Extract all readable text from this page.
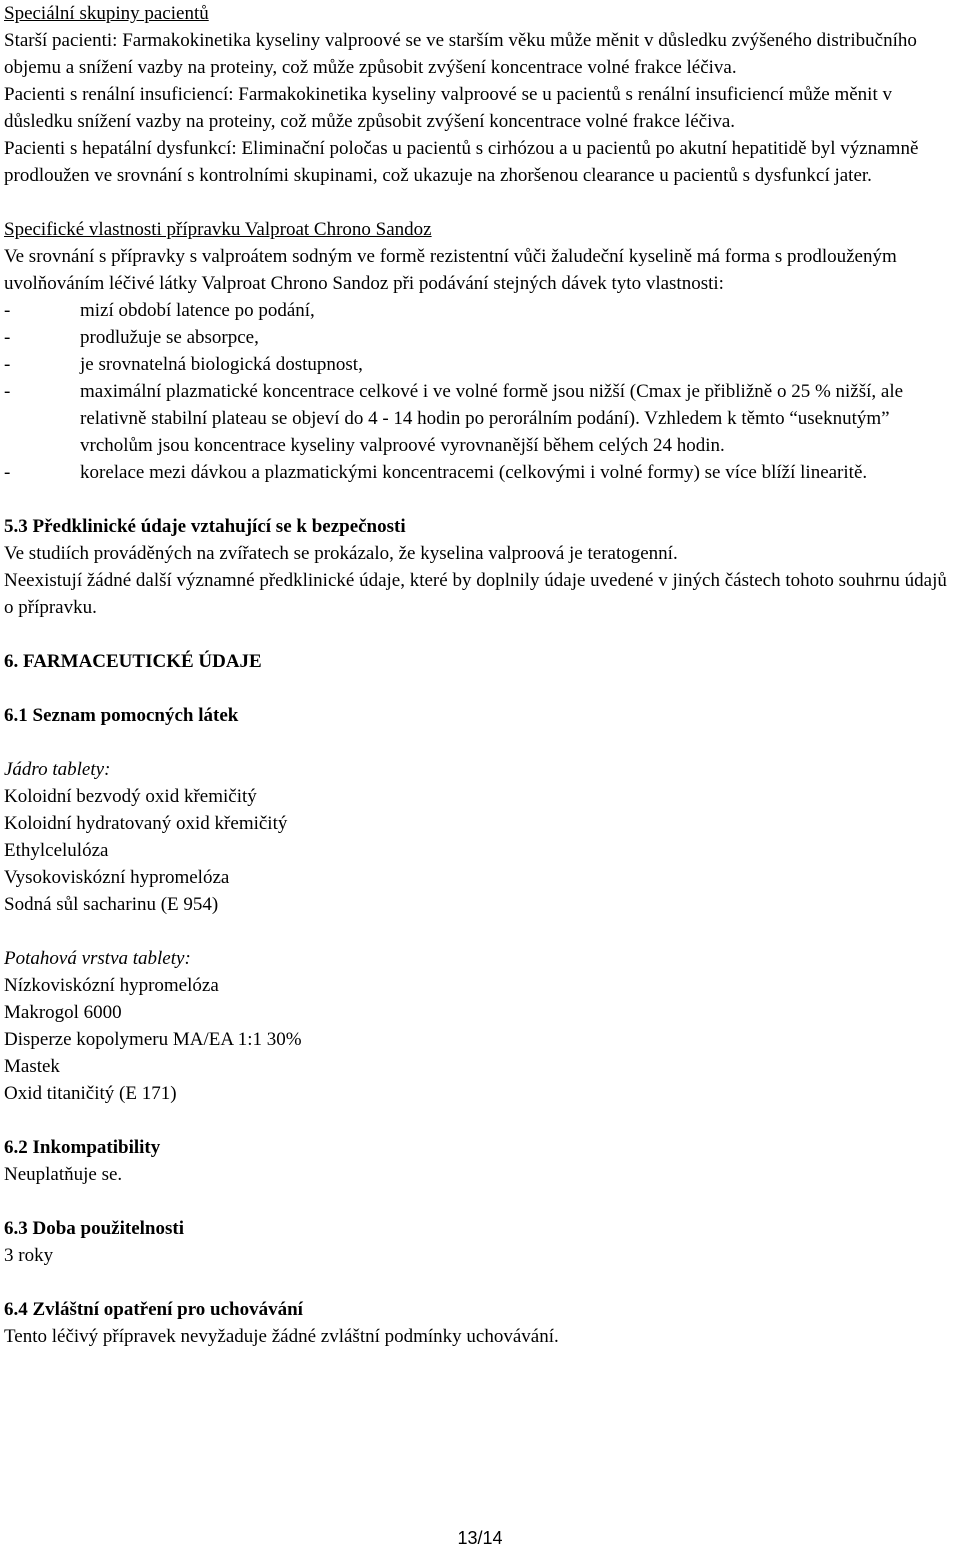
Speciální skupiny pacientů

Starší pacienti: Farmakokinetika kyseliny valproové se ve starším věku může měnit v důsledku zvýšeného distribučního objemu a snížení vazby na proteiny, což může způsobit zvýšení koncentrace volné frakce léčiva.

Pacienti s renální insuficiencí: Farmakokinetika kyseliny valproové se u pacientů s renální insuficiencí může měnit v důsledku snížení vazby na proteiny, což může způsobit zvýšení koncentrace volné frakce léčiva.

Pacienti s hepatální dysfunkcí: Eliminační poločas u pacientů s cirhózou a u pacientů po akutní hepatitidě byl významně prodloužen ve srovnání s kontrolními skupinami, což ukazuje na zhoršenou clearance u pacientů s dysfunkcí jater.

Specifické vlastnosti přípravku Valproat Chrono Sandoz

Ve srovnání s přípravky s valproátem sodným ve formě rezistentní vůči žaludeční kyselině má forma s prodlouženým uvolňováním léčivé látky Valproat Chrono Sandoz při podávání stejných dávek tyto vlastnosti:

-	mizí období latence po podání,
-	prodlužuje se absorpce,
-	je srovnatelná biologická dostupnost,
-	maximální plazmatické koncentrace celkové i ve volné formě jsou nižší (Cmax je přibližně o 25 % nižší, ale relativně stabilní plateau se objeví do 4 - 14 hodin po perorálním podání). Vzhledem k těmto “useknutým” vrcholům jsou koncentrace kyseliny valproové vyrovnanější během celých 24 hodin.
-	korelace mezi dávkou a plazmatickými koncentracemi (celkovými i volné formy) se více blíží linearitě.
5.3 Předklinické údaje vztahující se k bezpečnosti

Ve studiích prováděných na zvířatech se prokázalo, že kyselina valproová je teratogenní.

Neexistují žádné další významné předklinické údaje, které by doplnily údaje uvedené v jiných částech tohoto souhrnu údajů o přípravku.

6. FARMACEUTICKÉ ÚDAJE
6.1 Seznam pomocných látek
Jádro tablety:
Koloidní bezvodý oxid křemičitý
Koloidní hydratovaný oxid křemičitý
Ethylcelulóza
Vysokoviskózní hypromelóza
Sodná sůl sacharinu (E 954)
Potahová vrstva tablety:
Nízkoviskózní hypromelóza
Makrogol 6000
Disperze kopolymeru MA/EA 1:1 30%
Mastek
Oxid titaničitý (E 171)
6.2 Inkompatibility
Neuplatňuje se.
6.3 Doba použitelnosti
3 roky
6.4 Zvláštní opatření pro uchovávání
Tento léčivý přípravek nevyžaduje žádné zvláštní podmínky uchovávání.
13/14
